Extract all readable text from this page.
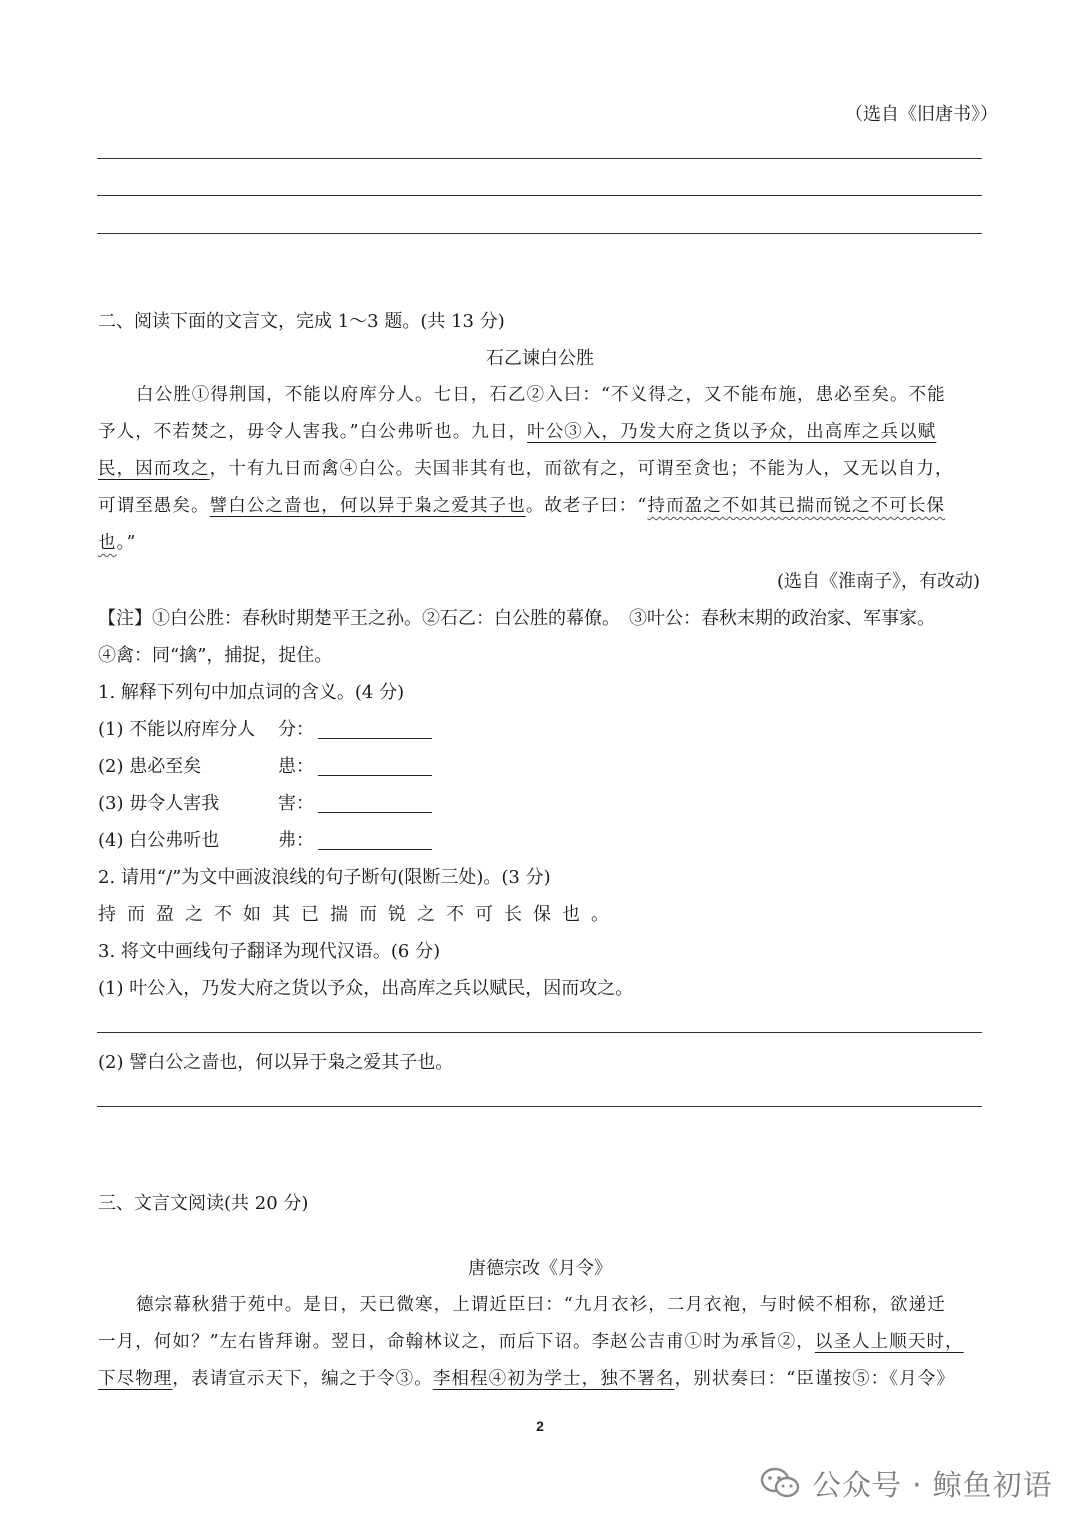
（选自《旧唐书》）
二、阅读下面的文言文，完成 1～3 题。(共 13 分)
石乙谏白公胜
白公胜①得荆国，不能以府库分人。七日，石乙②入曰：“不义得之，又不能布施，患必至矣。不能
予人，不若焚之，毋令人害我。”白公弗听也。九日，叶公③入，乃发大府之货以予众，出高库之兵以赋
民，因而攻之，十有九日而禽④白公。夫国非其有也，而欲有之，可谓至贪也；不能为人，又无以自力，
可谓至愚矣。譬白公之啬也，何以异于枭之爱其子也。故老子曰：“持而盈之不如其已揣而锐之不可长保
也。”
(选自《淮南子》，有改动)
【注】①白公胜：春秋时期楚平王之孙。②石乙：白公胜的幕僚。　③叶公：春秋末期的政治家、军事家。
④禽：同“擒”，捕捉，捉住。
1. 解释下列句中加点词的含义。(4 分)
(1) 不能以府库分人 分：
(2) 患必至矣	患：
(3) 毋令人害我	害：
(4) 白公弗听也	弗：
2. 请用“/”为文中画波浪线的句子断句(限断三处)。(3 分)
持而盈之不如其已揣而锐之不可长保也。
3. 将文中画线句子翻译为现代汉语。(6 分)
(1) 叶公入，乃发大府之货以予众，出高库之兵以赋民，因而攻之。
(2) 譬白公之啬也，何以异于枭之爱其子也。
三、文言文阅读(共 20 分)
唐德宗改《月令》
德宗幕秋猎于苑中。是日，天已微寒，上谓近臣曰：“九月衣衫，二月衣袍，与时候不相称，欲递迁
一月，何如？”左右皆拜谢。翌日，命翰林议之，而后下诏。李赵公吉甫①时为承旨②，以圣人上顺天时，
下尽物理，表请宣示天下，编之于令③。李相程④初为学士，独不署名，别状奏曰：“臣谨按⑤：《月令》
2
公众号 · 鲸鱼初语
